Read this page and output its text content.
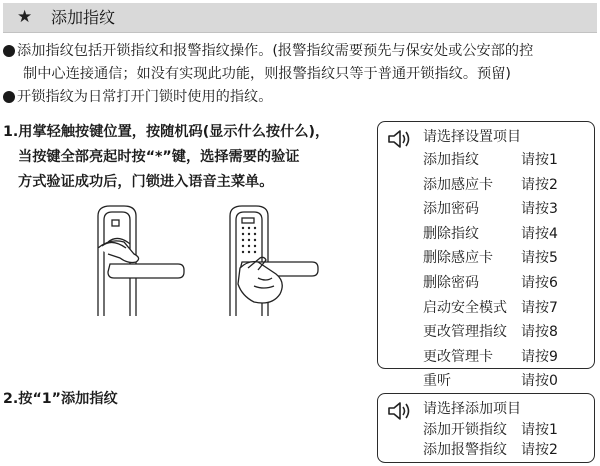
★ 添加指纹
添加指纹包括开锁指纹和报警指纹操作。(报警指纹需要预先与保安处或公安部的控
制中心连接通信；如没有实现此功能，则报警指纹只等于普通开锁指纹。预留)
开锁指纹为日常打开门锁时使用的指纹。
1.用掌轻触按键位置，按随机码(显示什么按什么)，
当按键全部亮起时按“*”键，选择需要的验证
方式验证成功后，门锁进入语音主菜单。
请选择设置项目
添加指纹	请按1
添加感应卡	请按2
添加密码	请按3
删除指纹	请按4
删除感应卡	请按5
删除密码	请按6
启动安全模式	请按7
更改管理指纹	请按8
更改管理卡	请按9
重听	请按0
2.按“1”添加指纹
请选择添加项目
添加开锁指纹	请按1
添加报警指纹	请按2
